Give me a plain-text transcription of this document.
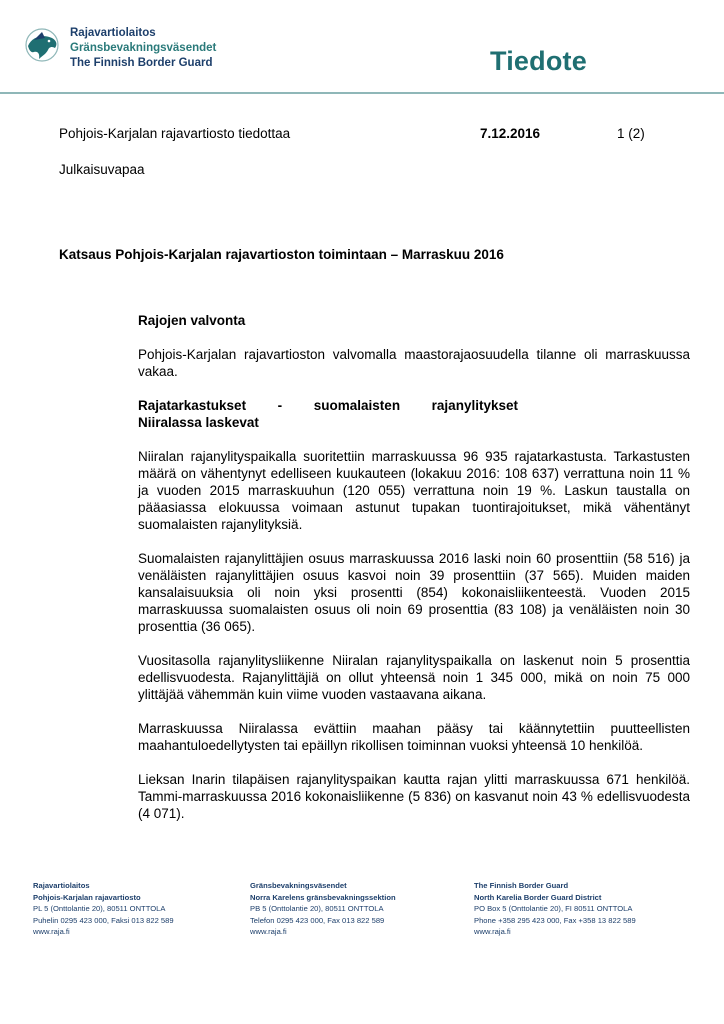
Rajavartiolaitos
Gränsbevakningsväsendet
The Finnish Border Guard	Tiedote
Pohjois-Karjalan rajavartiosto tiedottaa	7.12.2016	1 (2)
Julkaisuvapaa
Katsaus Pohjois-Karjalan rajavartioston toimintaan – Marraskuu 2016
Rajojen valvonta

Pohjois-Karjalan rajavartioston valvomalla maastorajaosuudella tilanne oli marraskuussa vakaa.

Rajatarkastukset - suomalaisten rajanylitykset
Niiralassa laskevat

Niiralan rajanylityspaikalla suoritettiin marraskuussa 96 935 rajatarkastusta. Tarkastusten määrä on vähentynyt edelliseen kuukauteen (lokakuu 2016: 108 637) verrattuna noin 11 % ja vuoden 2015 marraskuuhun (120 055) verrattuna noin 19 %. Laskun taustalla on pääasiassa elokuussa voimaan astunut tupakan tuontirajoitukset, mikä vähentänyt suomalaisten rajanylityksiä.

Suomalaisten rajanylittäjien osuus marraskuussa 2016 laski noin 60 prosenttiin (58 516) ja venäläisten rajanylittäjien osuus kasvoi noin 39 prosenttiin (37 565). Muiden maiden kansalaisuuksia oli noin yksi prosentti (854) kokonaisliikenteestä. Vuoden 2015 marraskuussa suomalaisten osuus oli noin 69 prosenttia (83 108) ja venäläisten noin 30 prosenttia (36 065).

Vuositasolla rajanylitysliikenne Niiralan rajanylityspaikalla on laskenut noin 5 prosenttia edellisvuodesta. Rajanylittäjiä on ollut yhteensä noin 1 345 000, mikä on noin 75 000 ylittäjää vähemmän kuin viime vuoden vastaavana aikana.

Marraskuussa Niiralassa evättiin maahan pääsy tai käännytettiin puutteellisten maahantuloedellytysten tai epäillyn rikollisen toiminnan vuoksi yhteensä 10 henkilöä.

Lieksan Inarin tilapäisen rajanylityspaikan kautta rajan ylitti marraskuussa 671 henkilöä. Tammi-marraskuussa 2016 kokonaisliikenne (5 836) on kasvanut noin 43 % edellisvuodesta (4 071).

Rajavartiolaitos
Pohjois-Karjalan rajavartiosto
PL 5 (Onttolantie 20), 80511 ONTTOLA
Puhelin 0295 423 000, Faksi 013 822 589
www.raja.fi
Gränsbevakningsväsendet
Norra Karelens gränsbevakningssektion
PB 5 (Onttolantie 20), 80511 ONTTOLA
Telefon 0295 423 000, Fax 013 822 589
www.raja.fi
The Finnish Border Guard
North Karelia Border Guard District
PO Box 5 (Onttolantie 20), FI 80511 ONTTOLA
Phone +358 295 423 000, Fax +358 13 822 589
www.raja.fi
